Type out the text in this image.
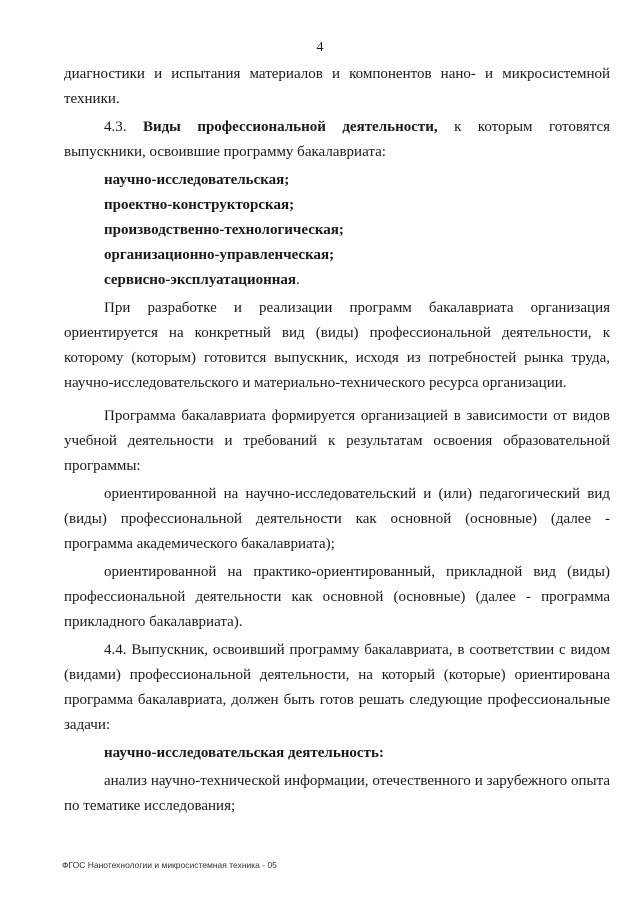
4

диагностики и испытания материалов и компонентов нано- и микросистемной техники.

4.3. Виды профессиональной деятельности, к которым готовятся выпускники, освоившие программу бакалавриата:

научно-исследовательская;

проектно-конструкторская;

производственно-технологическая;

организационно-управленческая;

сервисно-эксплуатационная.

При разработке и реализации программ бакалавриата организация ориентируется на конкретный вид (виды) профессиональной деятельности, к которому (которым) готовится выпускник, исходя из потребностей рынка труда, научно-исследовательского и материально-технического ресурса организации.

Программа бакалавриата формируется организацией в зависимости от видов учебной деятельности и требований к результатам освоения образовательной программы:

ориентированной на научно-исследовательский и (или) педагогический вид (виды) профессиональной деятельности как основной (основные) (далее - программа академического бакалавриата);

ориентированной на практико-ориентированный, прикладной вид (виды) профессиональной деятельности как основной (основные) (далее - программа прикладного бакалавриата).

4.4. Выпускник, освоивший программу бакалавриата, в соответствии с видом (видами) профессиональной деятельности, на который (которые) ориентирована программа бакалавриата, должен быть готов решать следующие профессиональные задачи:

научно-исследовательская деятельность:

анализ научно-технической информации, отечественного и зарубежного опыта по тематике исследования;

ФГОС Нанотехнологии и микросистемная техника - 05
